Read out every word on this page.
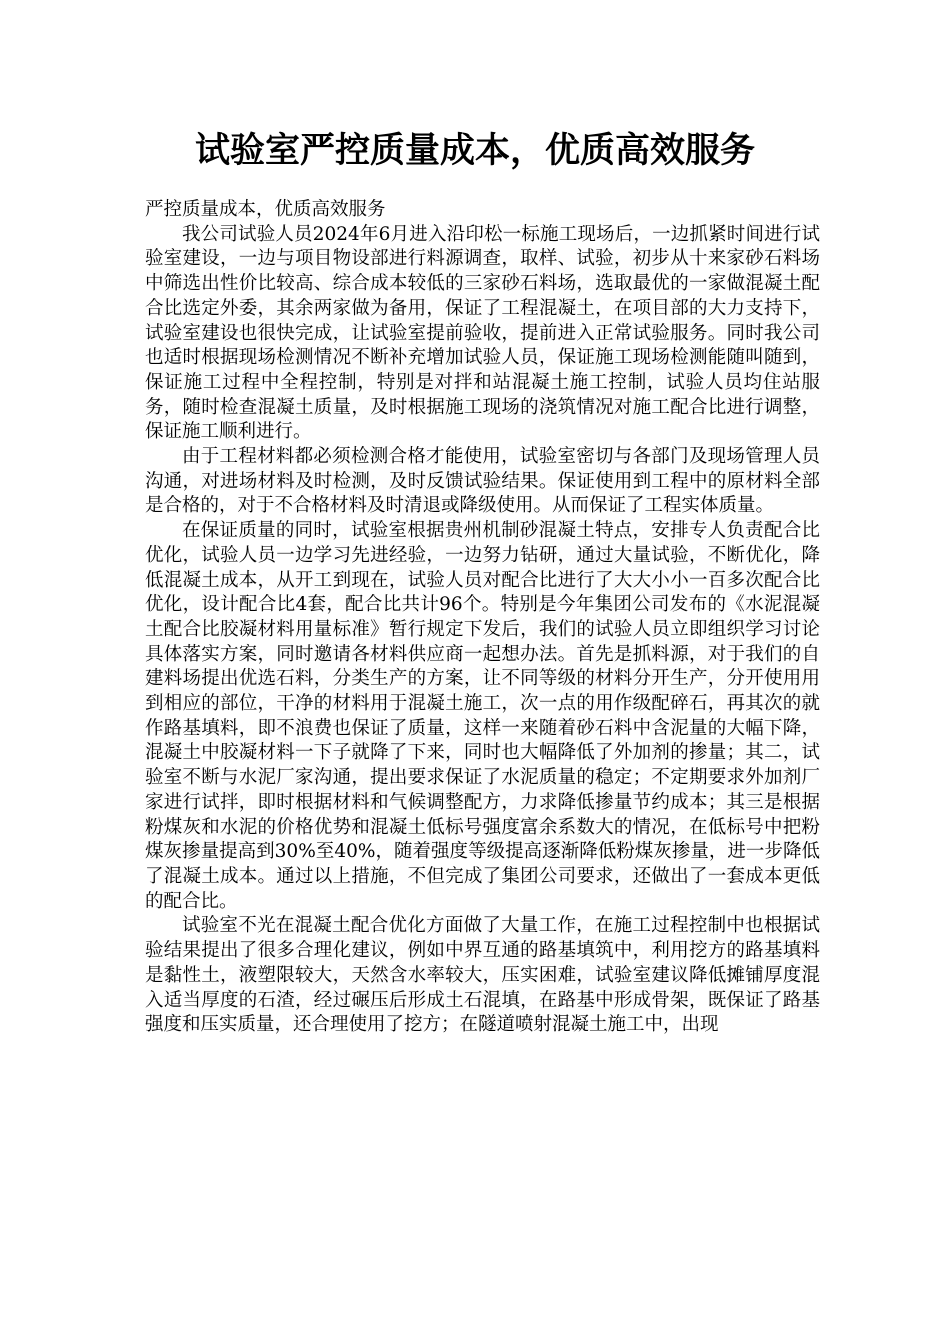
试验室严控质量成本，优质高效服务

严控质量成本，优质高效服务

我公司试验人员2024年6月进入沿印松一标施工现场后，一边抓紧时间进行试验室建设，一边与项目物设部进行料源调查，取样、试验，初步从十来家砂石料场中筛选出性价比较高、综合成本较低的三家砂石料场，选取最优的一家做混凝土配合比选定外委，其余两家做为备用，保证了工程混凝土，在项目部的大力支持下，试验室建设也很快完成，让试验室提前验收，提前进入正常试验服务。同时我公司也适时根据现场检测情况不断补充增加试验人员，保证施工现场检测能随叫随到，保证施工过程中全程控制，特别是对拌和站混凝土施工控制，试验人员均住站服务，随时检查混凝土质量，及时根据施工现场的浇筑情况对施工配合比进行调整，保证施工顺利进行。

由于工程材料都必须检测合格才能使用，试验室密切与各部门及现场管理人员沟通，对进场材料及时检测，及时反馈试验结果。保证使用到工程中的原材料全部是合格的，对于不合格材料及时清退或降级使用。从而保证了工程实体质量。

在保证质量的同时，试验室根据贵州机制砂混凝土特点，安排专人负责配合比优化，试验人员一边学习先进经验，一边努力钻研，通过大量试验，不断优化，降低混凝土成本，从开工到现在，试验人员对配合比进行了大大小小一百多次配合比优化，设计配合比4套，配合比共计96个。特别是今年集团公司发布的《水泥混凝土配合比胶凝材料用量标准》暂行规定下发后，我们的试验人员立即组织学习讨论具体落实方案，同时邀请各材料供应商一起想办法。首先是抓料源，对于我们的自建料场提出优选石料，分类生产的方案，让不同等级的材料分开生产，分开使用用到相应的部位，干净的材料用于混凝土施工，次一点的用作级配碎石，再其次的就作路基填料，即不浪费也保证了质量，这样一来随着砂石料中含泥量的大幅下降，混凝土中胶凝材料一下子就降了下来，同时也大幅降低了外加剂的掺量；其二，试验室不断与水泥厂家沟通，提出要求保证了水泥质量的稳定；不定期要求外加剂厂家进行试拌，即时根据材料和气候调整配方，力求降低掺量节约成本；其三是根据粉煤灰和水泥的价格优势和混凝土低标号强度富余系数大的情况，在低标号中把粉煤灰掺量提高到30%至40%，随着强度等级提高逐渐降低粉煤灰掺量，进一步降低了混凝土成本。通过以上措施，不但完成了集团公司要求，还做出了一套成本更低的配合比。

试验室不光在混凝土配合优化方面做了大量工作，在施工过程控制中也根据试验结果提出了很多合理化建议，例如中界互通的路基填筑中，利用挖方的路基填料是黏性土，液塑限较大，天然含水率较大，压实困难，试验室建议降低摊铺厚度混入适当厚度的石渣，经过碾压后形成土石混填，在路基中形成骨架，既保证了路基强度和压实质量，还合理使用了挖方；在隧道喷射混凝土施工中，出现
